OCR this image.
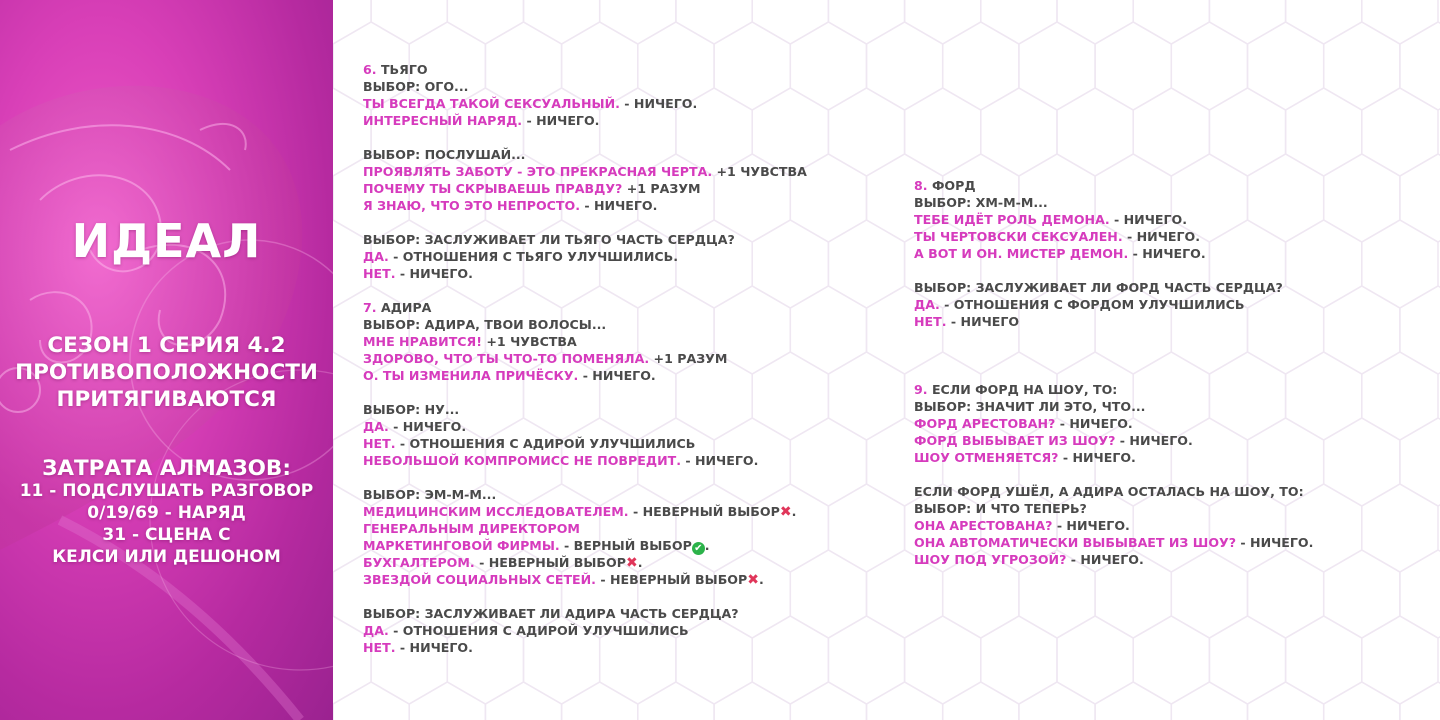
ИДЕАЛ
СЕЗОН 1 СЕРИЯ 4.2
ПРОТИВОПОЛОЖНОСТИ
ПРИТЯГИВАЮТСЯ
ЗАТРАТА АЛМАЗОВ:
11 - ПОДСЛУШАТЬ РАЗГОВОР
0/19/69 - НАРЯД
31 - СЦЕНА С
КЕЛСИ ИЛИ ДЕШОНОМ
6. ТЬЯГО
ВЫБОР: ОГО...
ТЫ ВСЕГДА ТАКОЙ СЕКСУАЛЬНЫЙ. - НИЧЕГО.
ИНТЕРЕСНЫЙ НАРЯД. - НИЧЕГО.
ВЫБОР: ПОСЛУШАЙ...
ПРОЯВЛЯТЬ ЗАБОТУ - ЭТО ПРЕКРАСНАЯ ЧЕРТА. +1 ЧУВСТВА
ПОЧЕМУ ТЫ СКРЫВАЕШЬ ПРАВДУ? +1 РАЗУМ
Я ЗНАЮ, ЧТО ЭТО НЕПРОСТО. - НИЧЕГО.
ВЫБОР: ЗАСЛУЖИВАЕТ ЛИ ТЬЯГО ЧАСТЬ СЕРДЦА?
ДА. - ОТНОШЕНИЯ С ТЬЯГО УЛУЧШИЛИСЬ.
НЕТ. - НИЧЕГО.
7. АДИРА
ВЫБОР: АДИРА, ТВОИ ВОЛОСЫ...
МНЕ НРАВИТСЯ! +1 ЧУВСТВА
ЗДОРОВО, ЧТО ТЫ ЧТО-ТО ПОМЕНЯЛА. +1 РАЗУМ
О. ТЫ ИЗМЕНИЛА ПРИЧЁСКУ. - НИЧЕГО.
ВЫБОР: НУ...
ДА. - НИЧЕГО.
НЕТ. - ОТНОШЕНИЯ С АДИРОЙ УЛУЧШИЛИСЬ
НЕБОЛЬШОЙ КОМПРОМИСС НЕ ПОВРЕДИТ. - НИЧЕГО.
ВЫБОР: ЭМ-М-М...
МЕДИЦИНСКИМ ИССЛЕДОВАТЕЛЕМ. - НЕВЕРНЫЙ ВЫБОР✖.
ГЕНЕРАЛЬНЫМ ДИРЕКТОРОМ
МАРКЕТИНГОВОЙ ФИРМЫ. - ВЕРНЫЙ ВЫБОР ✔ .
БУХГАЛТЕРОМ. - НЕВЕРНЫЙ ВЫБОР✖.
ЗВЕЗДОЙ СОЦИАЛЬНЫХ СЕТЕЙ. - НЕВЕРНЫЙ ВЫБОР✖.
ВЫБОР: ЗАСЛУЖИВАЕТ ЛИ АДИРА ЧАСТЬ СЕРДЦА?
ДА. - ОТНОШЕНИЯ С АДИРОЙ УЛУЧШИЛИСЬ
НЕТ. - НИЧЕГО.
8. ФОРД
ВЫБОР: ХМ-М-М...
ТЕБЕ ИДЁТ РОЛЬ ДЕМОНА. - НИЧЕГО.
ТЫ ЧЕРТОВСКИ СЕКСУАЛЕН. - НИЧЕГО.
А ВОТ И ОН. МИСТЕР ДЕМОН. - НИЧЕГО.
ВЫБОР: ЗАСЛУЖИВАЕТ ЛИ ФОРД ЧАСТЬ СЕРДЦА?
ДА. - ОТНОШЕНИЯ С ФОРДОМ УЛУЧШИЛИСЬ
НЕТ. - НИЧЕГО
9. ЕСЛИ ФОРД НА ШОУ, ТО:
ВЫБОР: ЗНАЧИТ ЛИ ЭТО, ЧТО...
ФОРД АРЕСТОВАН? - НИЧЕГО.
ФОРД ВЫБЫВАЕТ ИЗ ШОУ? - НИЧЕГО.
ШОУ ОТМЕНЯЕТСЯ? - НИЧЕГО.
ЕСЛИ ФОРД УШЁЛ, А АДИРА ОСТАЛАСЬ НА ШОУ, ТО:
ВЫБОР: И ЧТО ТЕПЕРЬ?
ОНА АРЕСТОВАНА? - НИЧЕГО.
ОНА АВТОМАТИЧЕСКИ ВЫБЫВАЕТ ИЗ ШОУ? - НИЧЕГО.
ШОУ ПОД УГРОЗОЙ? - НИЧЕГО.
